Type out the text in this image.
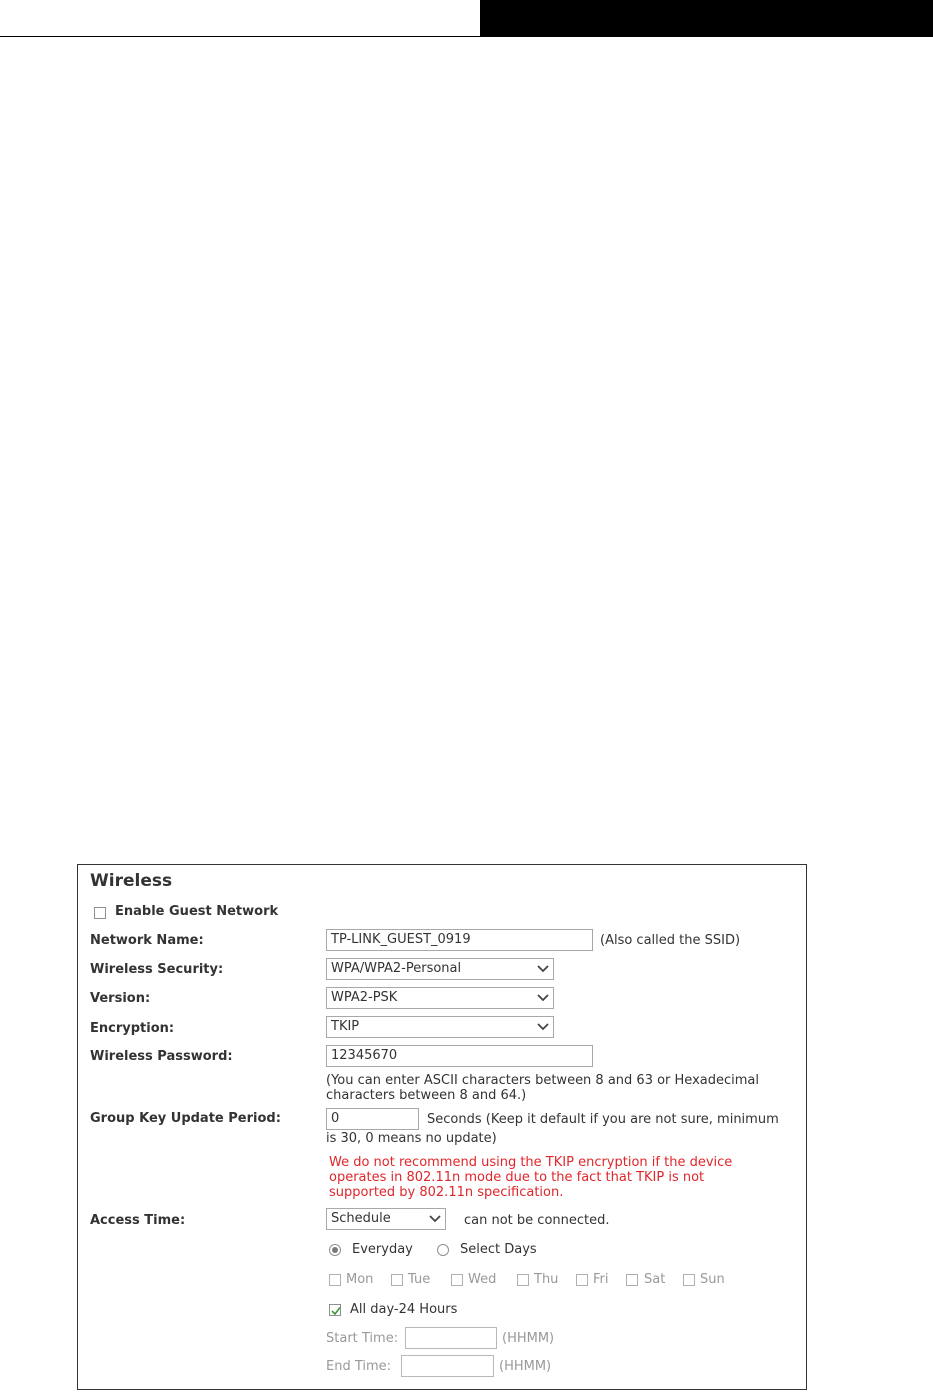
Wireless
Enable Guest Network
Network Name:	TP-LINK_GUEST_0919	(Also called the SSID)
Wireless Security:	WPA/WPA2-Personal
Version:	WPA2-PSK
Encryption:	TKIP
Wireless Password:	12345670
(You can enter ASCII characters between 8 and 63 or Hexadecimal
characters between 8 and 64.)
Group Key Update Period:	0	Seconds (Keep it default if you are not sure, minimum
is 30, 0 means no update)
We do not recommend using the TKIP encryption if the device
operates in 802.11n mode due to the fact that TKIP is not
supported by 802.11n specification.
Access Time:	Schedule	can not be connected.
Everyday	Select Days
Mon	Tue	Wed	Thu	Fri	Sat	Sun
All day-24 Hours
Start Time:	(HHMM)
End Time:	(HHMM)
